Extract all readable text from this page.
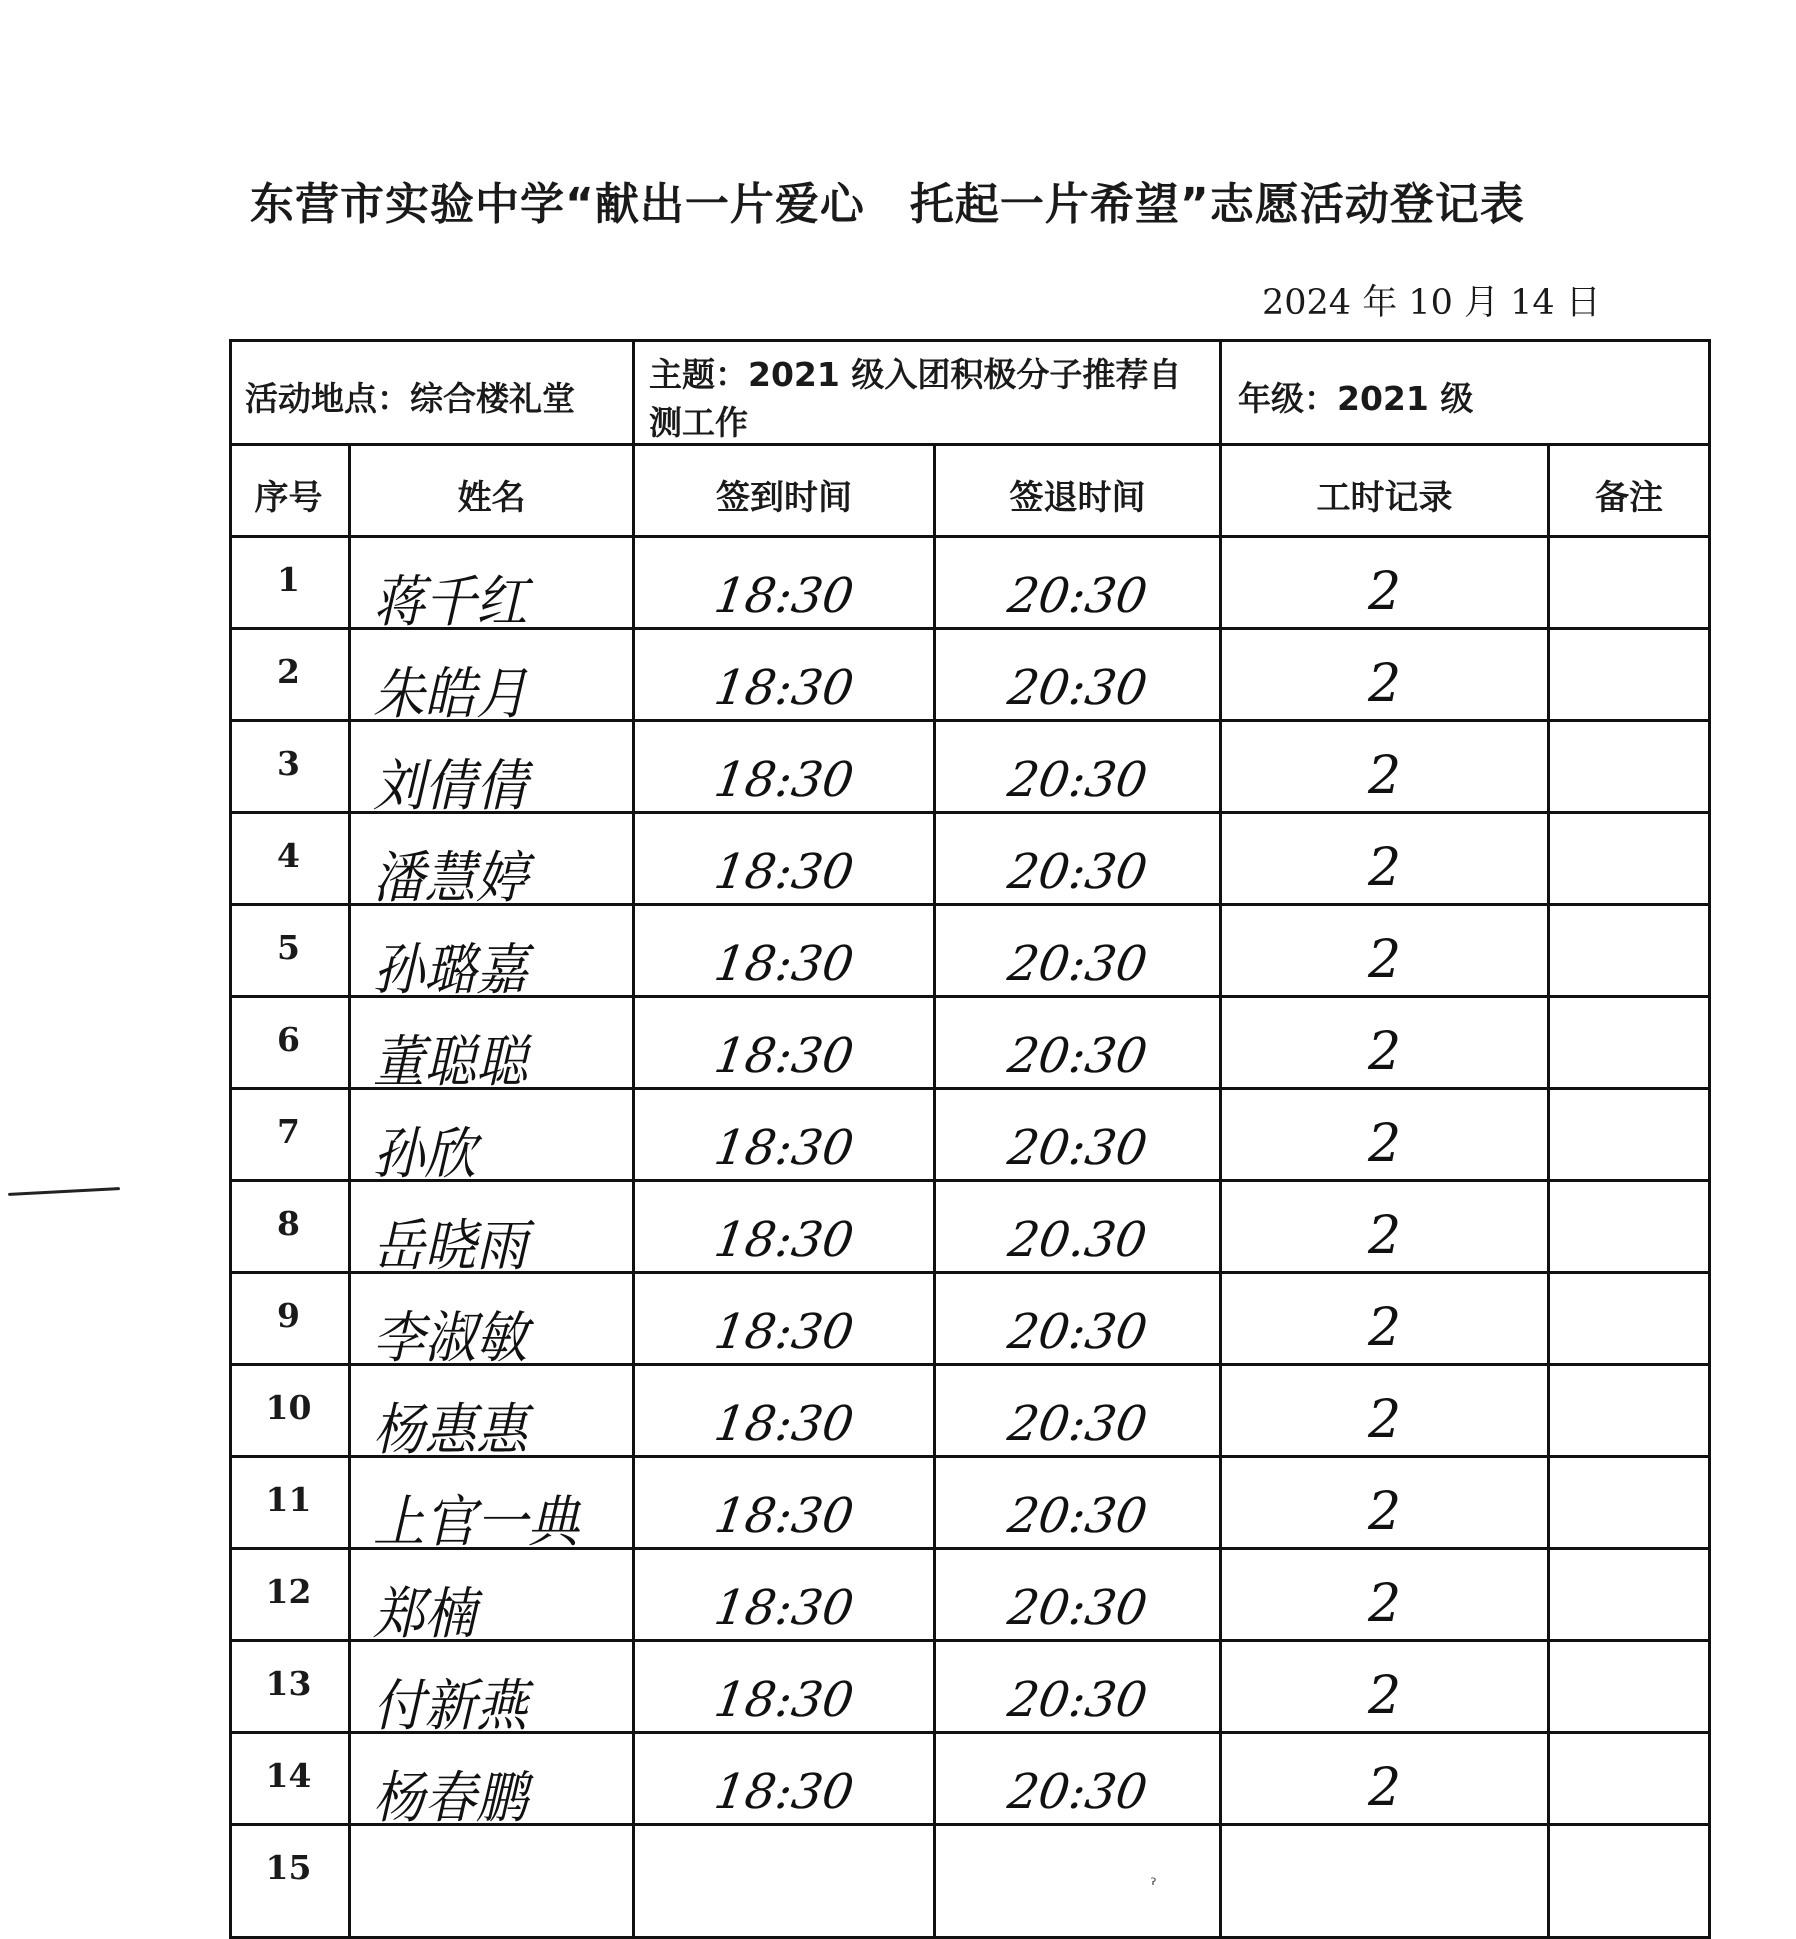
东营市实验中学“献出一片爱心　托起一片希望”志愿活动登记表
2024 年 10 月 14 日
活动地点：综合楼礼堂
主题：2021 级入团积极分子推荐自
测工作
年级：2021 级
序号	姓名	签到时间	签退时间	工时记录	备注
1	蒋千红	18:30	20:30	2
2	朱皓月	18:30	20:30	2
3	刘倩倩	18:30	20:30	2
4	潘慧婷	18:30	20:30	2
5	孙璐嘉	18:30	20:30	2
6	董聪聪	18:30	20:30	2
7	孙欣	18:30	20:30	2
8	岳晓雨	18:30	20.30	2
9	李淑敏	18:30	20:30	2
10	杨惠惠	18:30	20:30	2
11	上官一典	18:30	20:30	2
12	郑楠	18:30	20:30	2
13	付新燕	18:30	20:30	2
14	杨春鹏	18:30	20:30	2
15	ˀ
